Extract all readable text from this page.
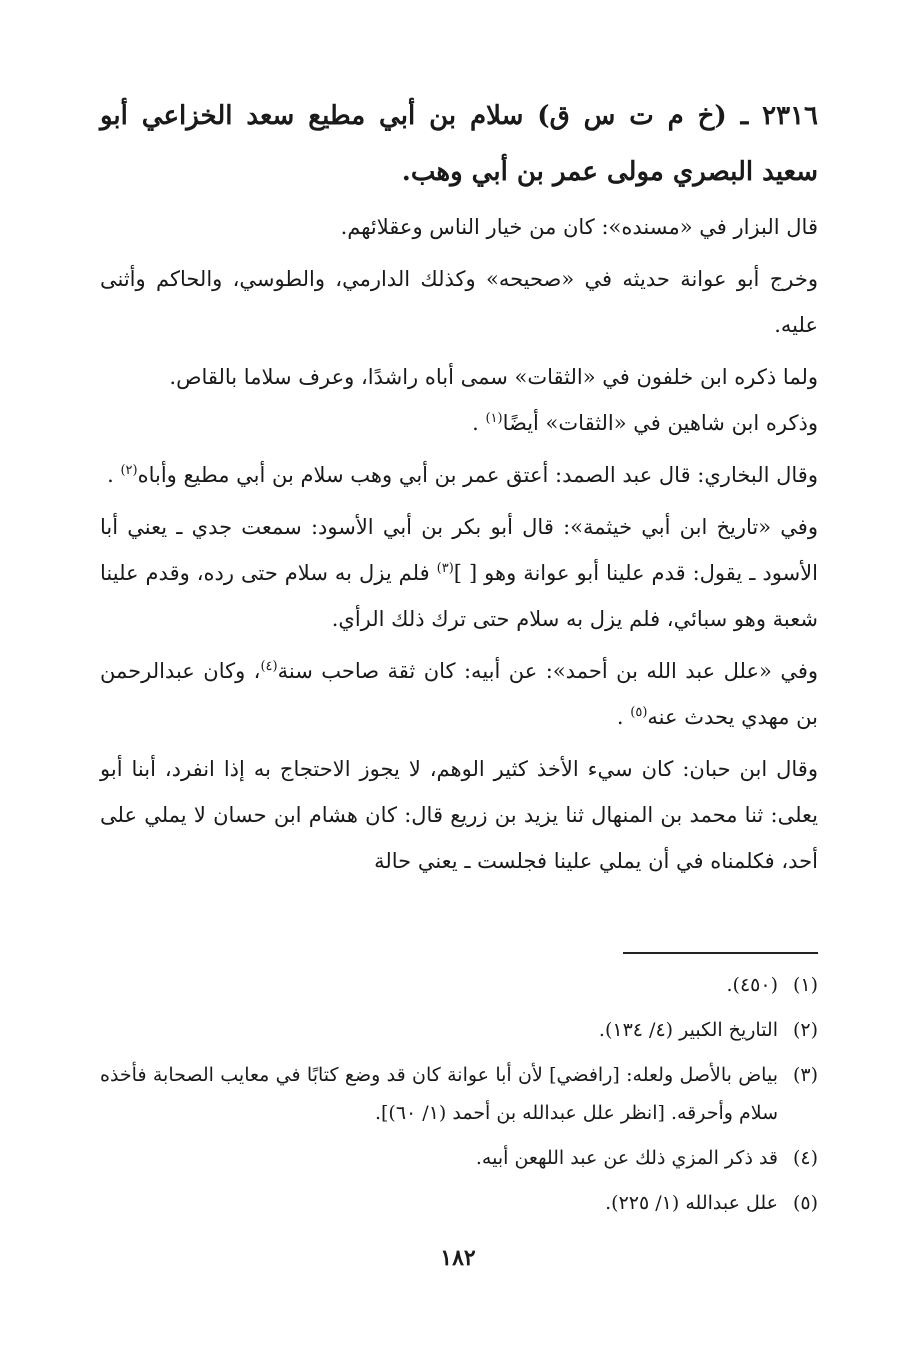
٢٣١٦ ـ (خ م ت س ق) سلام بن أبي مطيع سعد الخزاعي أبو سعيد البصري مولى عمر بن أبي وهب.

قال البزار في «مسنده»: كان من خيار الناس وعقلائهم.

وخرج أبو عوانة حديثه في «صحيحه» وكذلك الدارمي، والطوسي، والحاكم وأثنى عليه.

ولما ذكره ابن خلفون في «الثقات» سمى أباه راشدًا، وعرف سلاما بالقاص.

وذكره ابن شاهين في «الثقات» أيضًا$^{(١)}$ .

وقال البخاري: قال عبد الصمد: أعتق عمر بن أبي وهب سلام بن أبي مطيع وأباه$^{(٢)}$ .

وفي «تاريخ ابن أبي خيثمة»: قال أبو بكر بن أبي الأسود: سمعت جدي ـ يعني أبا الأسود ـ يقول: قدم علينا أبو عوانة وهو [ ]$^{(٣)}$ فلم يزل به سلام حتى رده، وقدم علينا شعبة وهو سبائي، فلم يزل به سلام حتى ترك ذلك الرأي.

وفي «علل عبد الله بن أحمد»: عن أبيه: كان ثقة صاحب سنة$^{(٤)}$، وكان عبدالرحمن بن مهدي يحدث عنه$^{(٥)}$ .

وقال ابن حبان: كان سيء الأخذ كثير الوهم، لا يجوز الاحتجاج به إذا انفرد، أبنا أبو يعلى: ثنا محمد بن المنهال ثنا يزيد بن زريع قال: كان هشام ابن حسان لا يملي على أحد، فكلمناه في أن يملي علينا فجلست ـ يعني حالة

(١)
(٤٥٠).
(٢)
التاريخ الكبير (٤/ ١٣٤).
(٣)
بياض بالأصل ولعله: [رافضي] لأن أبا عوانة كان قد وضع كتابًا في معايب الصحابة فأخذه سلام وأحرقه. [انظر علل عبدالله بن أحمد (١/ ٦٠)].
(٤)
قد ذكر المزي ذلك عن عبد اللهعن أبيه.
(٥)
علل عبدالله (١/ ٢٢٥).
١٨٢
